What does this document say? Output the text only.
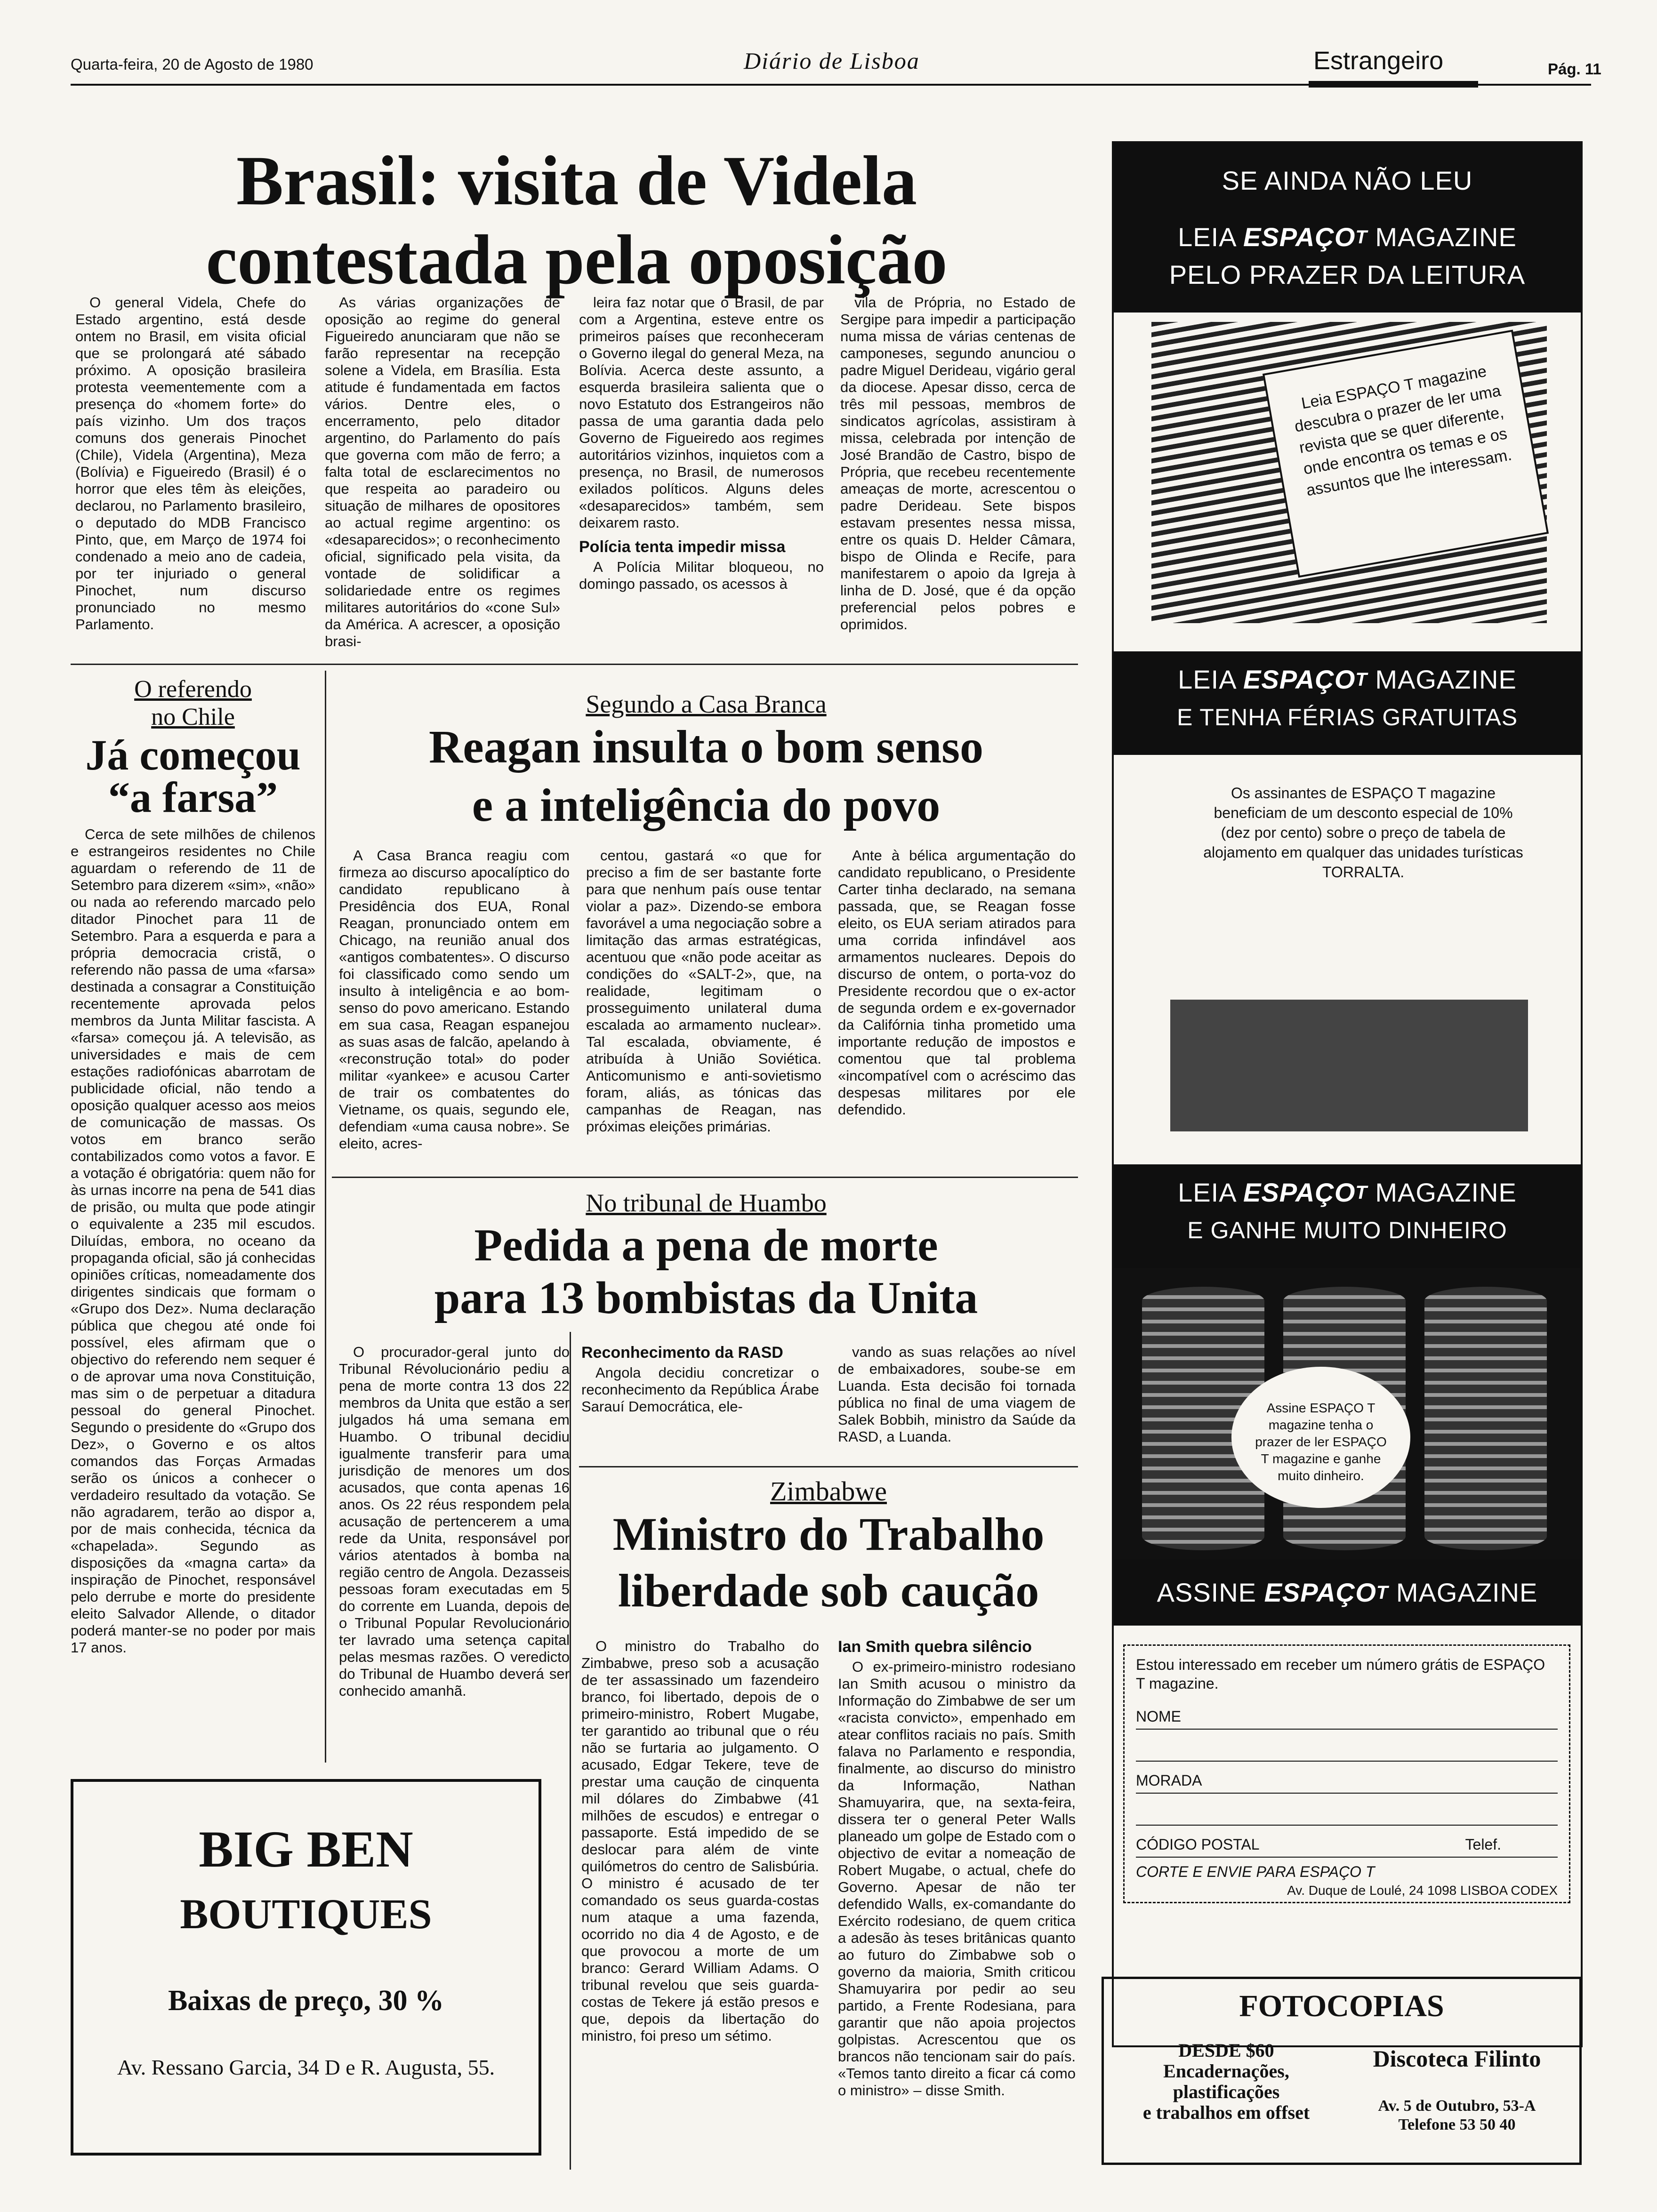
Quarta-feira, 20 de Agosto de 1980	Diário de Lisboa	Estrangeiro	Pág. 11
Brasil: visita de Videla
contestada pela oposição

O general Videla, Chefe do Estado argentino, está desde ontem no Brasil, em visita oficial que se prolongará até sábado próximo. A oposição brasileira protesta veementemente com a presença do «homem forte» do país vizinho. Um dos traços comuns dos generais Pinochet (Chile), Videla (Argentina), Meza (Bolívia) e Figueiredo (Brasil) é o horror que eles têm às eleições, declarou, no Parlamento brasileiro, o deputado do MDB Francisco Pinto, que, em Março de 1974 foi condenado a meio ano de cadeia, por ter injuriado o general Pinochet, num discurso pronunciado no mesmo Parlamento.

As várias organizações de oposição ao regime do general Figueiredo anunciaram que não se farão representar na recepção solene a Videla, em Brasília. Esta atitude é fundamentada em factos vários. Dentre eles, o encerramento, pelo ditador argentino, do Parlamento do país que governa com mão de ferro; a falta total de esclarecimentos no que respeita ao paradeiro ou situação de milhares de opositores ao actual regime argentino: os «desaparecidos»; o reconhecimento oficial, significado pela visita, da vontade de solidificar a solidariedade entre os regimes militares autoritários do «cone Sul» da América. A acrescer, a oposição brasi-

leira faz notar que o Brasil, de par com a Argentina, esteve entre os primeiros países que reconheceram o Governo ilegal do general Meza, na Bolívia. Acerca deste assunto, a esquerda brasileira salienta que o novo Estatuto dos Estrangeiros não passa de uma garantia dada pelo Governo de Figueiredo aos regimes autoritários vizinhos, inquietos com a presença, no Brasil, de numerosos exilados políticos. Alguns deles «desaparecidos» também, sem deixarem rasto.

Polícia tenta impedir missa

A Polícia Militar bloqueou, no domingo passado, os acessos à

vila de Própria, no Estado de Sergipe para impedir a participação numa missa de várias centenas de camponeses, segundo anunciou o padre Miguel Derideau, vigário geral da diocese. Apesar disso, cerca de três mil pessoas, membros de sindicatos agrícolas, assistiram à missa, celebrada por intenção de José Brandão de Castro, bispo de Própria, que recebeu recentemente ameaças de morte, acrescentou o padre Derideau. Sete bispos estavam presentes nessa missa, entre os quais D. Helder Câmara, bispo de Olinda e Recife, para manifestarem o apoio da Igreja à linha de D. José, que é da opção preferencial pelos pobres e oprimidos.

O referendo
no Chile
Já começou
“a farsa”

Cerca de sete milhões de chilenos e estrangeiros residentes no Chile aguardam o referendo de 11 de Setembro para dizerem «sim», «não» ou nada ao referendo marcado pelo ditador Pinochet para 11 de Setembro. Para a esquerda e para a própria democracia cristã, o referendo não passa de uma «farsa» destinada a consagrar a Constituição recentemente aprovada pelos membros da Junta Militar fascista. A «farsa» começou já. A televisão, as universidades e mais de cem estações radiofónicas abarrotam de publicidade oficial, não tendo a oposição qualquer acesso aos meios de comunicação de massas. Os votos em branco serão contabilizados como votos a favor. E a votação é obrigatória: quem não for às urnas incorre na pena de 541 dias de prisão, ou multa que pode atingir o equivalente a 235 mil escudos. Diluídas, embora, no oceano da propaganda oficial, são já conhecidas opiniões críticas, nomeadamente dos dirigentes sindicais que formam o «Grupo dos Dez». Numa declaração pública que chegou até onde foi possível, eles afirmam que o objectivo do referendo nem sequer é o de aprovar uma nova Constituição, mas sim o de perpetuar a ditadura pessoal do general Pinochet. Segundo o presidente do «Grupo dos Dez», o Governo e os altos comandos das Forças Armadas serão os únicos a conhecer o verdadeiro resultado da votação. Se não agradarem, terão ao dispor a, por de mais conhecida, técnica da «chapelada». Segundo as disposições da «magna carta» da inspiração de Pinochet, responsável pelo derrube e morte do presidente eleito Salvador Allende, o ditador poderá manter-se no poder por mais 17 anos.

Segundo a Casa Branca
Reagan insulta o bom senso
e a inteligência do povo

A Casa Branca reagiu com firmeza ao discurso apocalíptico do candidato republicano à Presidência dos EUA, Ronal Reagan, pronunciado ontem em Chicago, na reunião anual dos «antigos combatentes». O discurso foi classificado como sendo um insulto à inteligência e ao bom-senso do povo americano. Estando em sua casa, Reagan espanejou as suas asas de falcão, apelando à «reconstrução total» do poder militar «yankee» e acusou Carter de trair os combatentes do Vietname, os quais, segundo ele, defendiam «uma causa nobre». Se eleito, acres-

centou, gastará «o que for preciso a fim de ser bastante forte para que nenhum país ouse tentar violar a paz». Dizendo-se embora favorável a uma negociação sobre a limitação das armas estratégicas, acentuou que «não pode aceitar as condições do «SALT-2», que, na realidade, legitimam o prosseguimento unilateral duma escalada ao armamento nuclear». Tal escalada, obviamente, é atribuída à União Soviética. Anticomunismo e anti-sovietismo foram, aliás, as tónicas das campanhas de Reagan, nas próximas eleições primárias.

Ante à bélica argumentação do candidato republicano, o Presidente Carter tinha declarado, na semana passada, que, se Reagan fosse eleito, os EUA seriam atirados para uma corrida infindável aos armamentos nucleares. Depois do discurso de ontem, o porta-voz do Presidente recordou que o ex-actor de segunda ordem e ex-governador da Califórnia tinha prometido uma importante redução de impostos e comentou que tal problema «incompatível com o acréscimo das despesas militares por ele defendido.

No tribunal de Huambo
Pedida a pena de morte
para 13 bombistas da Unita

O procurador-geral junto do Tribunal Révolucionário pediu a pena de morte contra 13 dos 22 membros da Unita que estão a ser julgados há uma semana em Huambo. O tribunal decidiu igualmente transferir para uma jurisdição de menores um dos acusados, que conta apenas 16 anos. Os 22 réus respondem pela acusação de pertencerem a uma rede da Unita, responsável por vários atentados à bomba na região centro de Angola. Dezasseis pessoas foram executadas em 5 do corrente em Luanda, depois de o Tribunal Popular Revolucionário ter lavrado uma setença capital pelas mesmas razões. O veredicto do Tribunal de Huambo deverá ser conhecido amanhã.

Reconhecimento da RASD

Angola decidiu concretizar o reconhecimento da República Árabe Sarauí Democrática, ele-

vando as suas relações ao nível de embaixadores, soube-se em Luanda. Esta decisão foi tornada pública no final de uma viagem de Salek Bobbih, ministro da Saúde da RASD, a Luanda.

Zimbabwe
Ministro do Trabalho
liberdade sob caução

O ministro do Trabalho do Zimbabwe, preso sob a acusação de ter assassinado um fazendeiro branco, foi libertado, depois de o primeiro-ministro, Robert Mugabe, ter garantido ao tribunal que o réu não se furtaria ao julgamento. O acusado, Edgar Tekere, teve de prestar uma caução de cinquenta mil dólares do Zimbabwe (41 milhões de escudos) e entregar o passaporte. Está impedido de se deslocar para além de vinte quilómetros do centro de Salisbúria. O ministro é acusado de ter comandado os seus guarda-costas num ataque a uma fazenda, ocorrido no dia 4 de Agosto, e de que provocou a morte de um branco: Gerard William Adams. O tribunal revelou que seis guarda-costas de Tekere já estão presos e que, depois da libertação do ministro, foi preso um sétimo.

Ian Smith quebra silêncio

O ex-primeiro-ministro rodesiano Ian Smith acusou o ministro da Informação do Zimbabwe de ser um «racista convicto», empenhado em atear conflitos raciais no país. Smith falava no Parlamento e respondia, finalmente, ao discurso do ministro da Informação, Nathan Shamuyarira, que, na sexta-feira, dissera ter o general Peter Walls planeado um golpe de Estado com o objectivo de evitar a nomeação de Robert Mugabe, o actual, chefe do Governo. Apesar de não ter defendido Walls, ex-comandante do Exército rodesiano, de quem critica a adesão às teses britânicas quanto ao futuro do Zimbabwe sob o governo da maioria, Smith criticou Shamuyarira por pedir ao seu partido, a Frente Rodesiana, para garantir que não apoia projectos golpistas. Acrescentou que os brancos não tencionam sair do país. «Temos tanto direito a ficar cá como o ministro» – disse Smith.

BIG BEN
BOUTIQUES
Baixas de preço, 30 %
Av. Ressano Garcia, 34 D e R. Augusta, 55.
SE AINDA NÃO LEU
LEIA $ESPAÇO^T$ MAGAZINE
PELO PRAZER DA LEITURA
Leia ESPAÇO T magazine descubra o prazer de ler uma revista que se quer diferente, onde encontra os temas e os assuntos que lhe interessam.
LEIA $ESPAÇO^T$ MAGAZINE
E TENHA FÉRIAS GRATUITAS
Os assinantes de ESPAÇO T magazine beneficiam de um desconto especial de 10% (dez por cento) sobre o preço de tabela de alojamento em qualquer das unidades turísticas TORRALTA.
LEIA $ESPAÇO^T$ MAGAZINE
E GANHE MUITO DINHEIRO
Assine ESPAÇO T magazine tenha o prazer de ler ESPAÇO T magazine e ganhe muito dinheiro.
ASSINE $ESPAÇO^T$ MAGAZINE
Estou interessado em receber um número grátis de ESPAÇO T magazine.
NOME
MORADA
CÓDIGO POSTAL	Telef.
CORTE E ENVIE PARA ESPAÇO T
Av. Duque de Loulé, 24 1098 LISBOA CODEX
FOTOCOPIAS
DESDE $60
Encadernações,
plastificações
e trabalhos em offset
Discoteca Filinto
Av. 5 de Outubro, 53-A
Telefone 53 50 40
